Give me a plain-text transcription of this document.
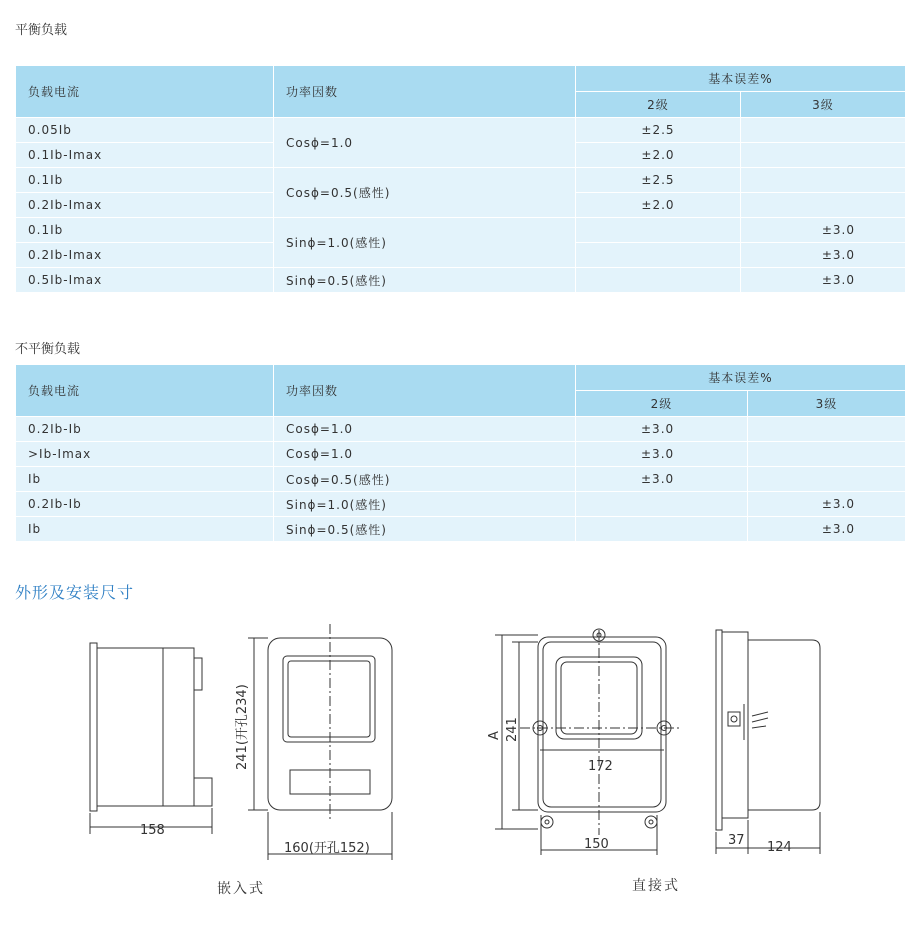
平衡负载
负载电流	功率因数	基本误差%	
		2级	3级
0.05Ib	Cosϕ=1.0	±2.5	
0.1Ib-Imax		±2.0	
0.1Ib	Cosϕ=0.5(感性)	±2.5	
0.2Ib-Imax		±2.0	
0.1Ib	Sinϕ=1.0(感性)		±3.0
0.2Ib-Imax			±3.0
0.5Ib-Imax	Sinϕ=0.5(感性)		±3.0
不平衡负载
负载电流	功率因数	基本误差%	
		2级	3级
0.2Ib-Ib	Cosϕ=1.0	±3.0	
>Ib-Imax	Cosϕ=1.0	±3.0	
Ib	Cosϕ=0.5(感性)	±3.0	
0.2Ib-Ib	Sinϕ=1.0(感性)		±3.0
Ib	Sinϕ=0.5(感性)		±3.0
外形及安装尺寸
158
241(开孔234)
160(开孔152)
172
A 241
150	37 124
嵌入式	直接式
